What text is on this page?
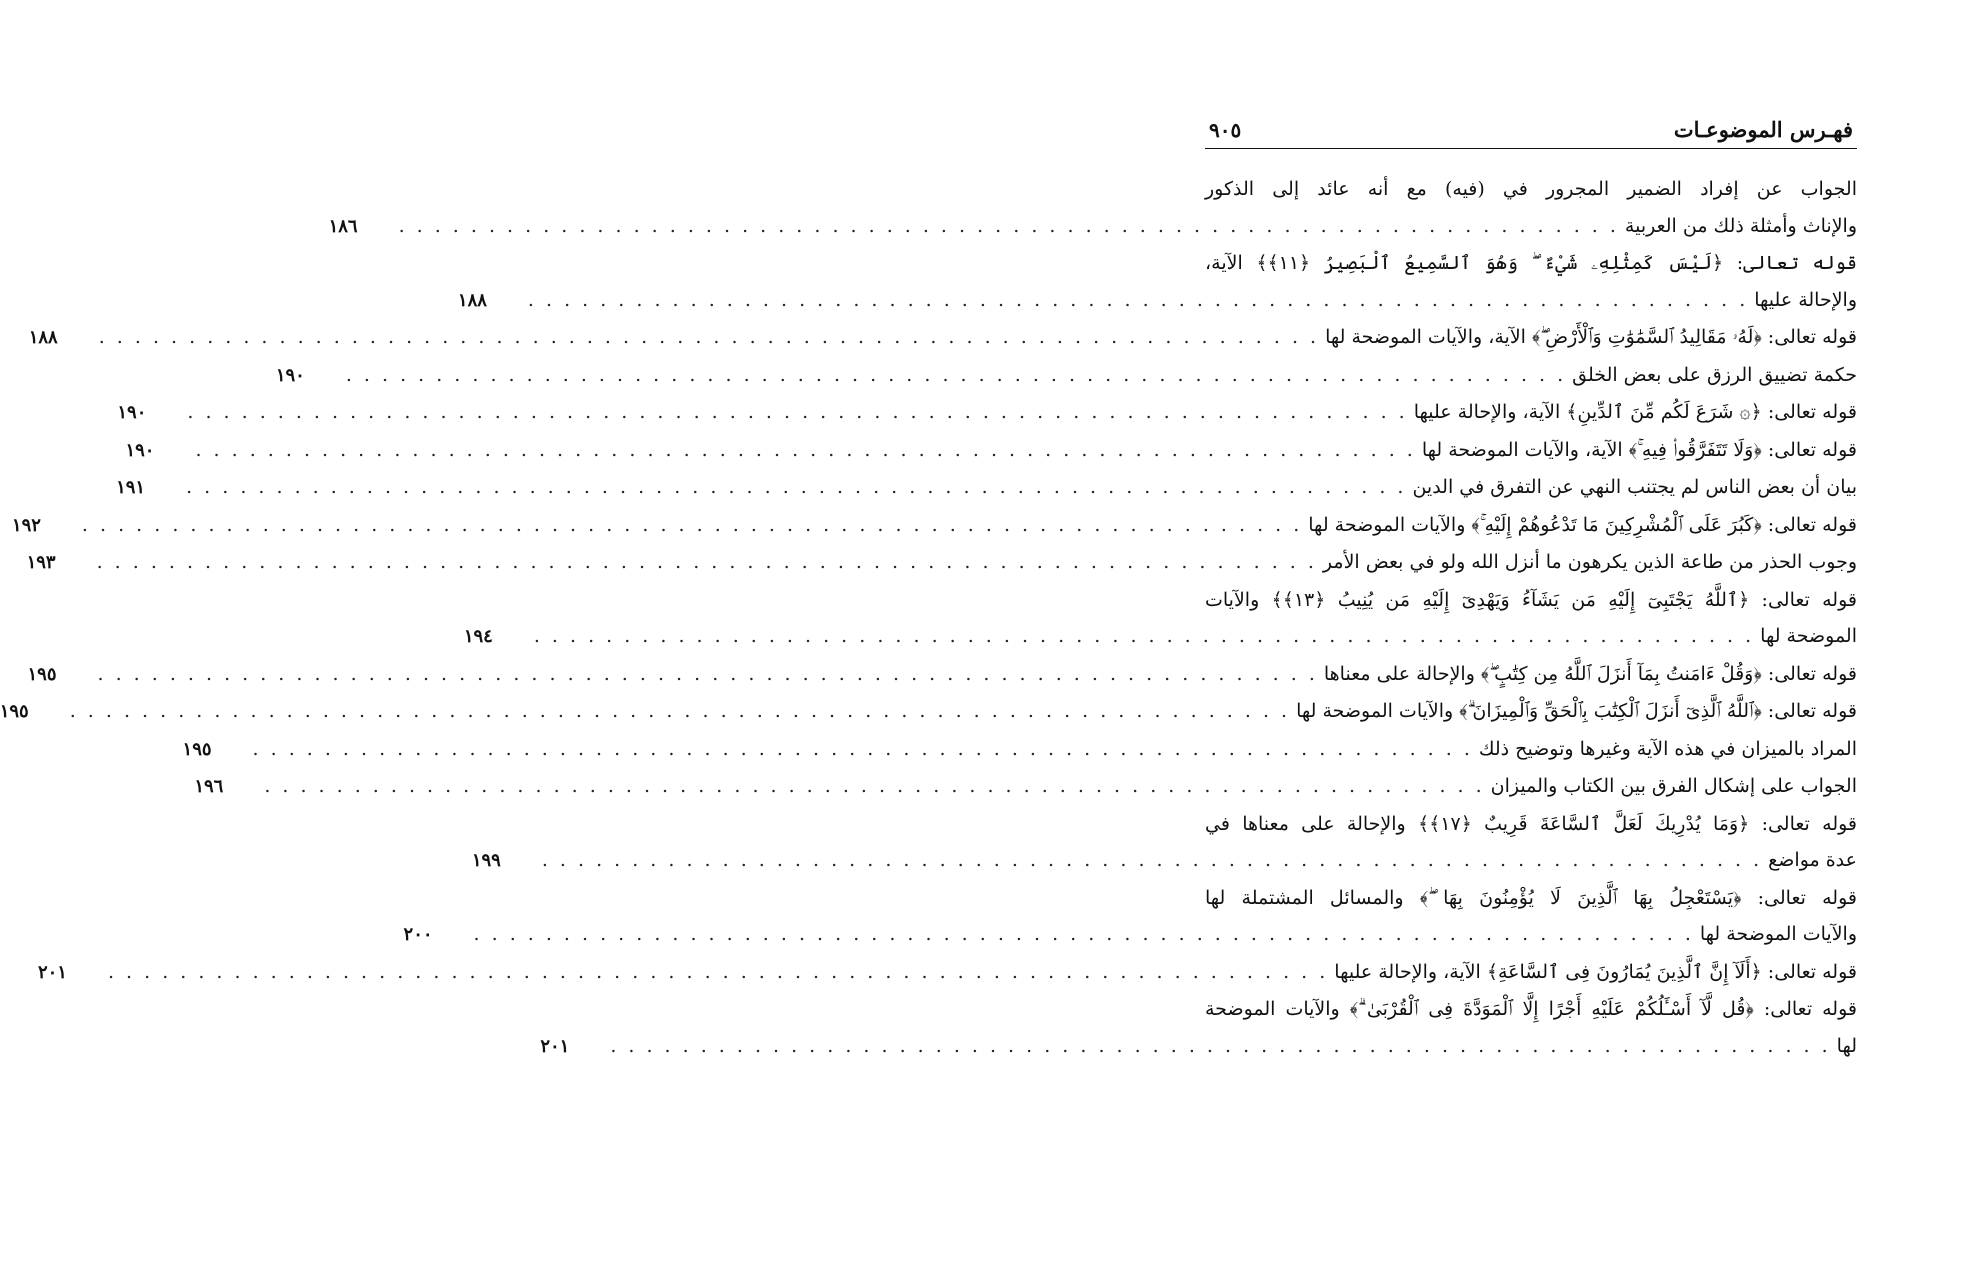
فهـرس الموضوعـات
٩٠٥
الجواب عن إفراد الضمير المجرور في (فيه) مع أنه عائد إلى الذكور
والإناث وأمثلة ذلك من العربية
. . . . . . . . . . . . . . . . . . . . . . . . . . . . . . . . . . . . . . . . . . . . . . . . . . . . . . . . . . . . . . . . . . . .
١٨٦
قوله تعالى: ﴿لَيْسَ كَمِثْلِهِۦ شَيْءٌ ۖ وَهُوَ ٱلسَّمِيعُ ٱلْبَصِيرُ ﴿١١﴾﴾ الآية،
والإحالة عليها
. . . . . . . . . . . . . . . . . . . . . . . . . . . . . . . . . . . . . . . . . . . . . . . . . . . . . . . . . . . . . . . . . . . .
١٨٨
قوله تعالى: ﴿لَهُۥ مَقَالِيدُ ٱلسَّمَٰوَٰتِ وَٱلْأَرْضِ ۖ﴾ الآية، والآيات الموضحة لها
. . . . . . . . . . . . . . . . . . . . . . . . . . . . . . . . . . . . . . . . . . . . . . . . . . . . . . . . . . . . . . . . . . . .
١٨٨
حكمة تضييق الرزق على بعض الخلق
. . . . . . . . . . . . . . . . . . . . . . . . . . . . . . . . . . . . . . . . . . . . . . . . . . . . . . . . . . . . . . . . . . . .
١٩٠
قوله تعالى: ﴿۞ شَرَعَ لَكُم مِّنَ ٱلدِّينِ﴾ الآية، والإحالة عليها
. . . . . . . . . . . . . . . . . . . . . . . . . . . . . . . . . . . . . . . . . . . . . . . . . . . . . . . . . . . . . . . . . . . .
١٩٠
قوله تعالى: ﴿وَلَا تَتَفَرَّقُوا۟ فِيهِ ۚ﴾ الآية، والآيات الموضحة لها
. . . . . . . . . . . . . . . . . . . . . . . . . . . . . . . . . . . . . . . . . . . . . . . . . . . . . . . . . . . . . . . . . . . .
١٩٠
بيان أن بعض الناس لم يجتنب النهي عن التفرق في الدين
. . . . . . . . . . . . . . . . . . . . . . . . . . . . . . . . . . . . . . . . . . . . . . . . . . . . . . . . . . . . . . . . . . . .
١٩١
قوله تعالى: ﴿كَبُرَ عَلَى ٱلْمُشْرِكِينَ مَا تَدْعُوهُمْ إِلَيْهِ ۚ﴾ والآيات الموضحة لها
. . . . . . . . . . . . . . . . . . . . . . . . . . . . . . . . . . . . . . . . . . . . . . . . . . . . . . . . . . . . . . . . . . . .
١٩٢
وجوب الحذر من طاعة الذين يكرهون ما أنزل الله ولو في بعض الأمر
. . . . . . . . . . . . . . . . . . . . . . . . . . . . . . . . . . . . . . . . . . . . . . . . . . . . . . . . . . . . . . . . . . . .
١٩٣
قوله تعالى: ﴿ٱللَّهُ يَجْتَبِىٓ إِلَيْهِ مَن يَشَآءُ وَيَهْدِىٓ إِلَيْهِ مَن يُنِيبُ ﴿١٣﴾﴾ والآيات
الموضحة لها
. . . . . . . . . . . . . . . . . . . . . . . . . . . . . . . . . . . . . . . . . . . . . . . . . . . . . . . . . . . . . . . . . . . .
١٩٤
قوله تعالى: ﴿وَقُلْ ءَامَنتُ بِمَآ أَنزَلَ ٱللَّهُ مِن كِتَٰبٍ ۖ﴾ والإحالة على معناها
. . . . . . . . . . . . . . . . . . . . . . . . . . . . . . . . . . . . . . . . . . . . . . . . . . . . . . . . . . . . . . . . . . . .
١٩٥
قوله تعالى: ﴿ٱللَّهُ ٱلَّذِىٓ أَنزَلَ ٱلْكِتَٰبَ بِٱلْحَقِّ وَٱلْمِيزَانَ ۗ﴾ والآيات الموضحة لها
. . . . . . . . . . . . . . . . . . . . . . . . . . . . . . . . . . . . . . . . . . . . . . . . . . . . . . . . . . . . . . . . . . . .
١٩٥
المراد بالميزان في هذه الآية وغيرها وتوضيح ذلك
. . . . . . . . . . . . . . . . . . . . . . . . . . . . . . . . . . . . . . . . . . . . . . . . . . . . . . . . . . . . . . . . . . . .
١٩٥
الجواب على إشكال الفرق بين الكتاب والميزان
. . . . . . . . . . . . . . . . . . . . . . . . . . . . . . . . . . . . . . . . . . . . . . . . . . . . . . . . . . . . . . . . . . . .
١٩٦
قوله تعالى: ﴿وَمَا يُدْرِيكَ لَعَلَّ ٱلسَّاعَةَ قَرِيبٌ ﴿١٧﴾﴾ والإحالة على معناها في
عدة مواضع
. . . . . . . . . . . . . . . . . . . . . . . . . . . . . . . . . . . . . . . . . . . . . . . . . . . . . . . . . . . . . . . . . . . .
١٩٩
قوله تعالى: ﴿يَسْتَعْجِلُ بِهَا ٱلَّذِينَ لَا يُؤْمِنُونَ بِهَا ۖ﴾ والمسائل المشتملة لها
والآيات الموضحة لها
. . . . . . . . . . . . . . . . . . . . . . . . . . . . . . . . . . . . . . . . . . . . . . . . . . . . . . . . . . . . . . . . . . . .
٢٠٠
قوله تعالى: ﴿أَلَآ إِنَّ ٱلَّذِينَ يُمَارُونَ فِى ٱلسَّاعَةِ﴾ الآية، والإحالة عليها
. . . . . . . . . . . . . . . . . . . . . . . . . . . . . . . . . . . . . . . . . . . . . . . . . . . . . . . . . . . . . . . . . . . .
٢٠١
قوله تعالى: ﴿قُل لَّآ أَسْـَٔلُكُمْ عَلَيْهِ أَجْرًا إِلَّا ٱلْمَوَدَّةَ فِى ٱلْقُرْبَىٰ ۗ﴾ والآيات الموضحة
لها
. . . . . . . . . . . . . . . . . . . . . . . . . . . . . . . . . . . . . . . . . . . . . . . . . . . . . . . . . . . . . . . . . . . .
٢٠١
